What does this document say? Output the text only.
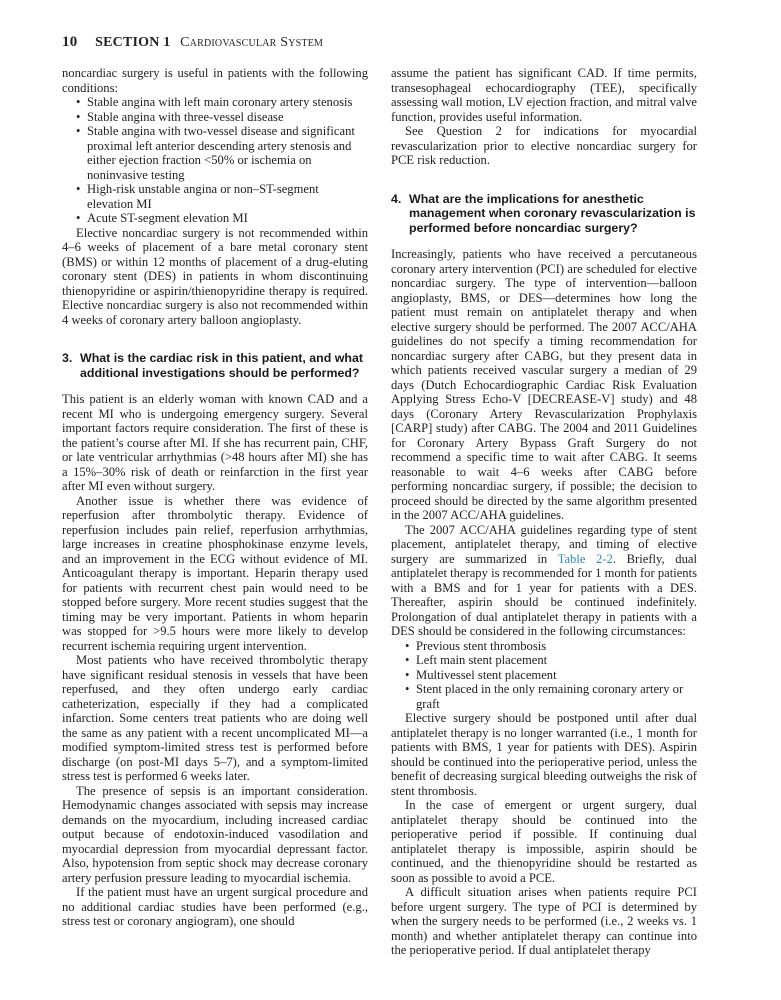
10 SECTION 1 Cardiovascular System

noncardiac surgery is useful in patients with the following conditions:

• Stable angina with left main coronary artery stenosis
• Stable angina with three-vessel disease
• Stable angina with two-vessel disease and significant proximal left anterior descending artery stenosis and either ejection fraction <50% or ischemia on noninvasive testing
• High-risk unstable angina or non–ST-segment elevation MI
• Acute ST-segment elevation MI

Elective noncardiac surgery is not recommended within 4–6 weeks of placement of a bare metal coronary stent (BMS) or within 12 months of placement of a drug-eluting coronary stent (DES) in patients in whom discontinuing thienopyridine or aspirin/thienopyridine therapy is required. Elective noncardiac surgery is also not recommended within 4 weeks of coronary artery balloon angioplasty.

3. What is the cardiac risk in this patient, and what additional investigations should be performed?

This patient is an elderly woman with known CAD and a recent MI who is undergoing emergency surgery. Several important factors require consideration. The first of these is the patient’s course after MI. If she has recurrent pain, CHF, or late ventricular arrhythmias (>48 hours after MI) she has a 15%–30% risk of death or reinfarction in the first year after MI even without surgery.

Another issue is whether there was evidence of reperfusion after thrombolytic therapy. Evidence of reperfusion includes pain relief, reperfusion arrhythmias, large increases in creatine phosphokinase enzyme levels, and an improvement in the ECG without evidence of MI. Anticoagulant therapy is important. Heparin therapy used for patients with recurrent chest pain would need to be stopped before surgery. More recent studies suggest that the timing may be very important. Patients in whom heparin was stopped for >9.5 hours were more likely to develop recurrent ischemia requiring urgent intervention.

Most patients who have received thrombolytic therapy have significant residual stenosis in vessels that have been reperfused, and they often undergo early cardiac catheterization, especially if they had a complicated infarction. Some centers treat patients who are doing well the same as any patient with a recent uncomplicated MI—a modified symptom-limited stress test is performed before discharge (on post-MI days 5–7), and a symptom-limited stress test is performed 6 weeks later.

The presence of sepsis is an important consideration. Hemodynamic changes associated with sepsis may increase demands on the myocardium, including increased cardiac output because of endotoxin-induced vasodilation and myocardial depression from myocardial depressant factor. Also, hypotension from septic shock may decrease coronary artery perfusion pressure leading to myocardial ischemia.

If the patient must have an urgent surgical procedure and no additional cardiac studies have been performed (e.g., stress test or coronary angiogram), one should

assume the patient has significant CAD. If time permits, transesophageal echocardiography (TEE), specifically assessing wall motion, LV ejection fraction, and mitral valve function, provides useful information.

See Question 2 for indications for myocardial revascularization prior to elective noncardiac surgery for PCE risk reduction.

4. What are the implications for anesthetic management when coronary revascularization is performed before noncardiac surgery?

Increasingly, patients who have received a percutaneous coronary artery intervention (PCI) are scheduled for elective noncardiac surgery. The type of intervention—balloon angioplasty, BMS, or DES—determines how long the patient must remain on antiplatelet therapy and when elective surgery should be performed. The 2007 ACC/AHA guidelines do not specify a timing recommendation for noncardiac surgery after CABG, but they present data in which patients received vascular surgery a median of 29 days (Dutch Echocardiographic Cardiac Risk Evaluation Applying Stress Echo-V [DECREASE-V] study) and 48 days (Coronary Artery Revascularization Prophylaxis [CARP] study) after CABG. The 2004 and 2011 Guidelines for Coronary Artery Bypass Graft Surgery do not recommend a specific time to wait after CABG. It seems reasonable to wait 4–6 weeks after CABG before performing noncardiac surgery, if possible; the decision to proceed should be directed by the same algorithm presented in the 2007 ACC/AHA guidelines.

The 2007 ACC/AHA guidelines regarding type of stent placement, antiplatelet therapy, and timing of elective surgery are summarized in Table 2-2. Briefly, dual antiplatelet therapy is recommended for 1 month for patients with a BMS and for 1 year for patients with a DES. Thereafter, aspirin should be continued indefinitely. Prolongation of dual antiplatelet therapy in patients with a DES should be considered in the following circumstances:

• Previous stent thrombosis
• Left main stent placement
• Multivessel stent placement
• Stent placed in the only remaining coronary artery or graft

Elective surgery should be postponed until after dual antiplatelet therapy is no longer warranted (i.e., 1 month for patients with BMS, 1 year for patients with DES). Aspirin should be continued into the perioperative period, unless the benefit of decreasing surgical bleeding outweighs the risk of stent thrombosis.

In the case of emergent or urgent surgery, dual antiplatelet therapy should be continued into the perioperative period if possible. If continuing dual antiplatelet therapy is impossible, aspirin should be continued, and the thienopyridine should be restarted as soon as possible to avoid a PCE.

A difficult situation arises when patients require PCI before urgent surgery. The type of PCI is determined by when the surgery needs to be performed (i.e., 2 weeks vs. 1 month) and whether antiplatelet therapy can continue into the perioperative period. If dual antiplatelet therapy
